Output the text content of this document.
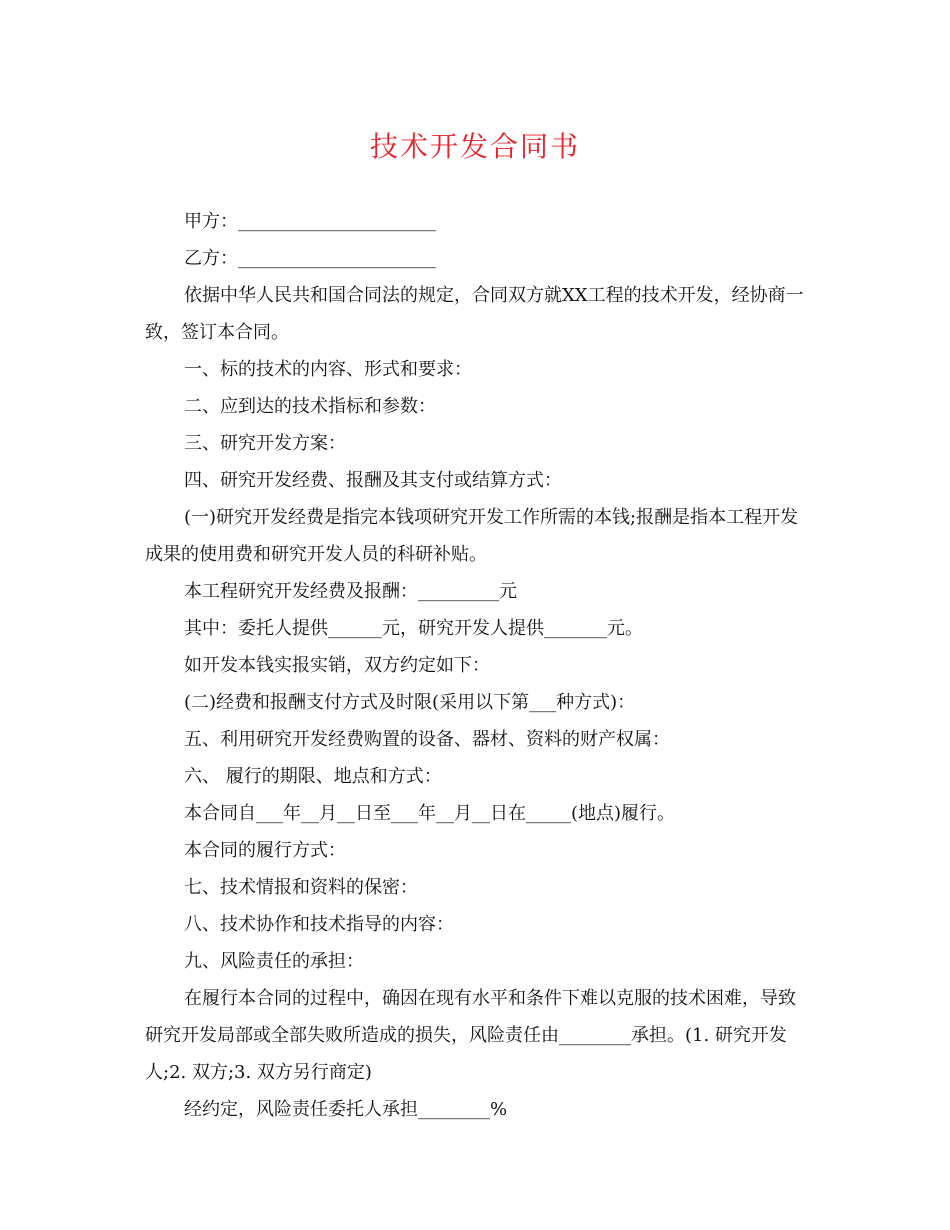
技术开发合同书

甲方：______________________

乙方：______________________

依据中华人民共和国合同法的规定，合同双方就XX工程的技术开发，经协商一致，签订本合同。

一、标的技术的内容、形式和要求：

二、应到达的技术指标和参数：

三、研究开发方案：

四、研究开发经费、报酬及其支付或结算方式：

(一)研究开发经费是指完本钱项研究开发工作所需的本钱;报酬是指本工程开发成果的使用费和研究开发人员的科研补贴。

本工程研究开发经费及报酬：_________元

其中：委托人提供______元，研究开发人提供_______元。

如开发本钱实报实销，双方约定如下：

(二)经费和报酬支付方式及时限(采用以下第___种方式)：

五、利用研究开发经费购置的设备、器材、资料的财产权属：

六、 履行的期限、地点和方式：

本合同自___年__月__日至___年__月__日在_____(地点)履行。

本合同的履行方式：

七、技术情报和资料的保密：

八、技术协作和技术指导的内容：

九、风险责任的承担：

在履行本合同的过程中，确因在现有水平和条件下难以克服的技术困难，导致研究开发局部或全部失败所造成的损失，风险责任由________承担。(1. 研究开发人;2. 双方;3. 双方另行商定)

经约定，风险责任委托人承担________%
